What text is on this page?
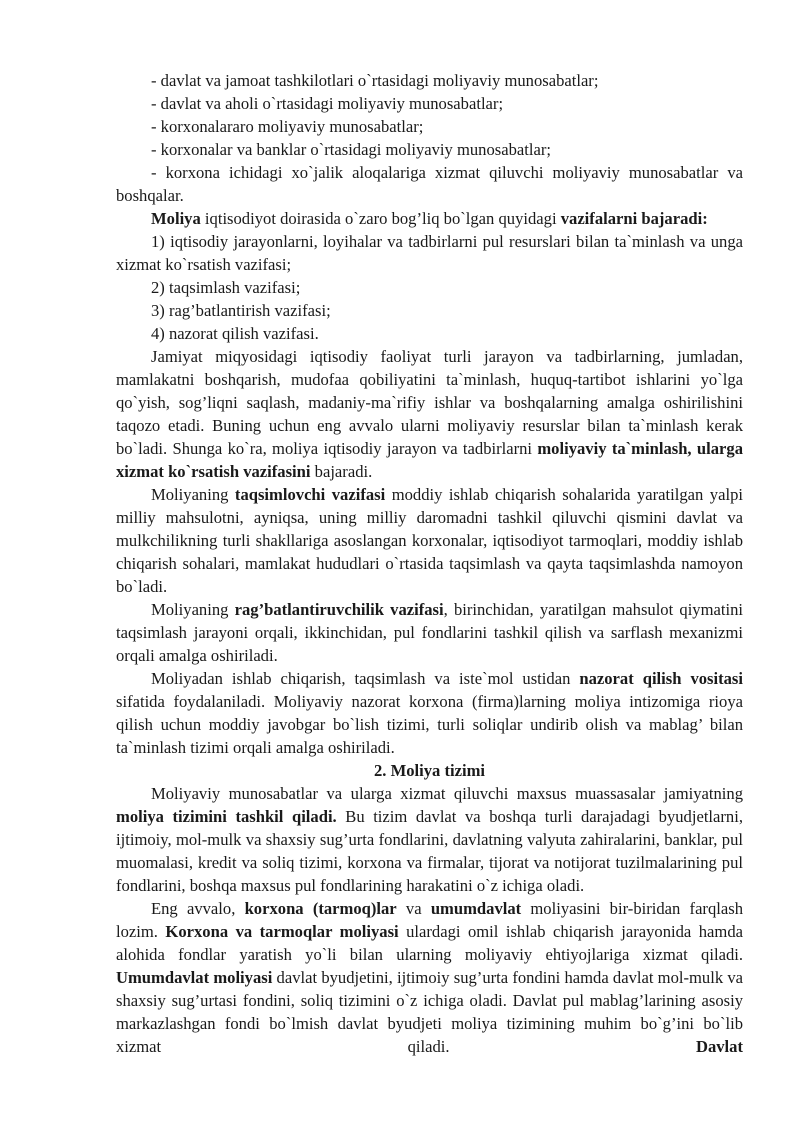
- davlat va jamoat tashkilotlari o`rtasidagi moliyaviy munosabatlar;

- davlat va aholi o`rtasidagi moliyaviy munosabatlar;

- korxonalararo moliyaviy munosabatlar;

- korxonalar va banklar o`rtasidagi moliyaviy munosabatlar;

- korxona ichidagi xo`jalik aloqalariga xizmat qiluvchi moliyaviy munosabatlar va boshqalar.

Moliya iqtisodiyot doirasida o`zaro bog’liq bo`lgan quyidagi vazifalarni bajaradi:

1) iqtisodiy jarayonlarni, loyihalar va tadbirlarni pul resurslari bilan ta`minlash va unga xizmat ko`rsatish vazifasi;

2) taqsimlash vazifasi;

3) rag’batlantirish vazifasi;

4) nazorat qilish vazifasi.

Jamiyat miqyosidagi iqtisodiy faoliyat turli jarayon va tadbirlarning, jumladan, mamlakatni boshqarish, mudofaa qobiliyatini ta`minlash, huquq-tartibot ishlarini yo`lga qo`yish, sog’liqni saqlash, madaniy-ma`rifiy ishlar va boshqalarning amalga oshirilishini taqozo etadi. Buning uchun eng avvalo ularni moliyaviy resurslar bilan ta`minlash kerak bo`ladi. Shunga ko`ra, moliya iqtisodiy jarayon va tadbirlarni moliyaviy ta`minlash, ularga xizmat ko`rsatish vazifasini bajaradi.

Moliyaning taqsimlovchi vazifasi moddiy ishlab chiqarish sohalarida yaratilgan yalpi milliy mahsulotni, ayniqsa, uning milliy daromadni tashkil qiluvchi qismini davlat va mulkchilikning turli shakllariga asoslangan korxonalar, iqtisodiyot tarmoqlari, moddiy ishlab chiqarish sohalari, mamlakat hududlari o`rtasida taqsimlash va qayta taqsimlashda namoyon bo`ladi.

Moliyaning rag’batlantiruvchilik vazifasi, birinchidan, yaratilgan mahsulot qiymatini taqsimlash jarayoni orqali, ikkinchidan, pul fondlarini tashkil qilish va sarflash mexanizmi orqali amalga oshiriladi.

Moliyadan ishlab chiqarish, taqsimlash va iste`mol ustidan nazorat qilish vositasi sifatida foydalaniladi. Moliyaviy nazorat korxona (firma)larning moliya intizomiga rioya qilish uchun moddiy javobgar bo`lish tizimi, turli soliqlar undirib olish va mablag’ bilan ta`minlash tizimi orqali amalga oshiriladi.

2. Moliya tizimi

Moliyaviy munosabatlar va ularga xizmat qiluvchi maxsus muassasalar jamiyatning moliya tizimini tashkil qiladi. Bu tizim davlat va boshqa turli darajadagi byudjetlarni, ijtimoiy, mol-mulk va shaxsiy sug’urta fondlarini, davlatning valyuta zahiralarini, banklar, pul muomalasi, kredit va soliq tizimi, korxona va firmalar, tijorat va notijorat tuzilmalarining pul fondlarini, boshqa maxsus pul fondlarining harakatini o`z ichiga oladi.

Eng avvalo, korxona (tarmoq)lar va umumdavlat moliyasini bir-biridan farqlash lozim. Korxona va tarmoqlar moliyasi ulardagi omil ishlab chiqarish jarayonida hamda alohida fondlar yaratish yo`li bilan ularning moliyaviy ehtiyojlariga xizmat qiladi. Umumdavlat moliyasi davlat byudjetini, ijtimoiy sug’urta fondini hamda davlat mol-mulk va shaxsiy sug’urtasi fondini, soliq tizimini o`z ichiga oladi. Davlat pul mablag’larining asosiy markazlashgan fondi bo`lmish davlat byudjeti moliya tizimining muhim bo`g’ini bo`lib xizmat qiladi. Davlat
